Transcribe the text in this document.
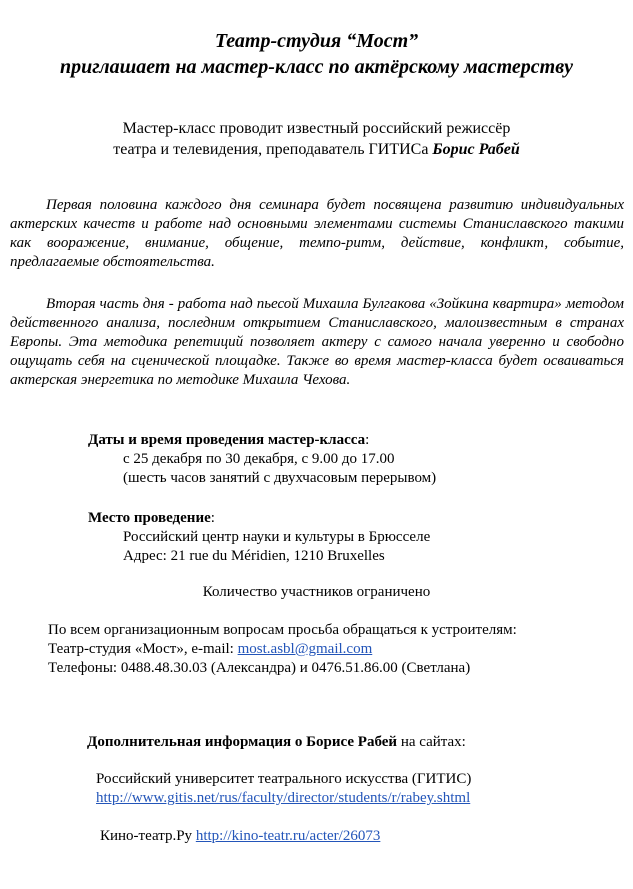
Театр-студия “Мост”
приглашает на мастер-класс по актёрскому мастерству
Мастер-класс проводит известный российский режиссёр
театра и телевидения, преподаватель ГИТИСа Борис Рабей
Первая половина каждого дня семинара будет посвящена развитию индивидуальных актерских качеств и работе над основными элементами системы Станиславского такими как вооражение, внимание, общение, темпо-ритм, действие, конфликт, событие, предлагаемые обстоятельства.
Вторая часть дня - работа над пьесой Михаила Булгакова «Зойкина квартира» методом действенного анализа, последним открытием Станиславского, малоизвестным в странах Европы. Эта методика репетиций позволяет актеру с самого начала уверенно и свободно ощущать себя на сценической площадке. Также во время мастер-класса будет осваиваться актерская энергетика по методике Михаила Чехова.
Даты и время проведения мастер-класса:
с 25 декабря по 30 декабря, с 9.00 до 17.00
(шесть часов занятий с двухчасовым перерывом)
Место проведение:
Российский центр науки и культуры в Брюсселе
Адрес: 21 rue du Méridien, 1210 Bruxelles
Количество участников ограничено
По всем организационным вопросам просьба обращаться к устроителям:
Театр-студия «Мост», e-mail: most.asbl@gmail.com
Телефоны: 0488.48.30.03 (Александра) и 0476.51.86.00 (Светлана)
Дополнительная информация о Борисе Рабей на сайтах:
Российский университет театрального искусства (ГИТИС)
http://www.gitis.net/rus/faculty/director/students/r/rabey.shtml
Кино-театр.Ру http://kino-teatr.ru/acter/26073
